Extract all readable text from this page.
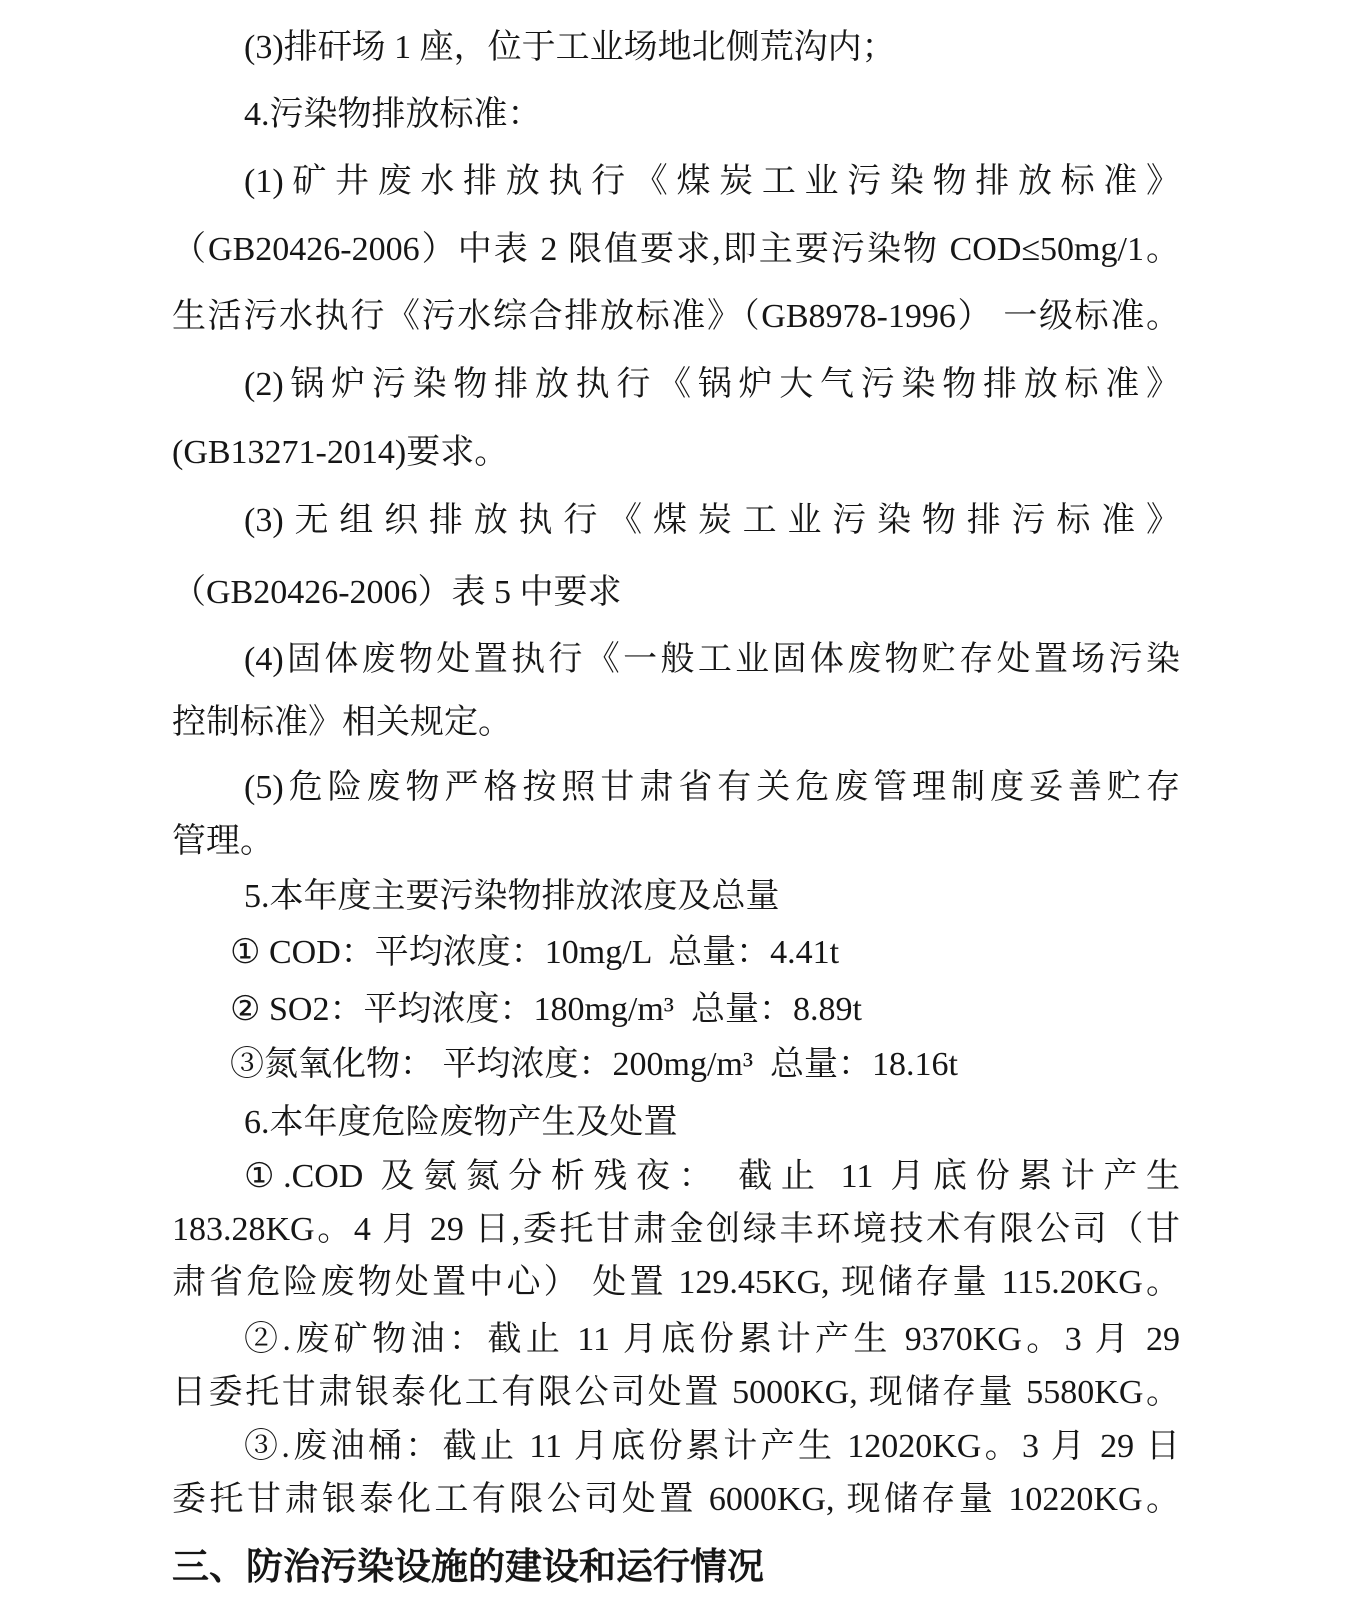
(3)排矸场 1 座，位于工业场地北侧荒沟内；
4.污染物排放标准：
(1)矿井废水排放执行《煤炭工业污染物排放标准》
（GB20426-2006）中表 2 限值要求,即主要污染物 COD≤50mg/1。
生活污水执行《污水综合排放标准》（GB8978-1996） 一级标准。
(2)锅炉污染物排放执行《锅炉大气污染物排放标准》
(GB13271-2014)要求。
(3)无组织排放执行《煤炭工业污染物排污标准》
（GB20426-2006）表 5 中要求
(4)固体废物处置执行《一般工业固体废物贮存处置场污染
控制标准》相关规定。
(5)危险废物严格按照甘肃省有关危废管理制度妥善贮存
管理。
5.本年度主要污染物排放浓度及总量
① COD：平均浓度：10mg/L  总量：4.41t
② SO2：平均浓度：180mg/m³  总量：8.89t
③氮氧化物： 平均浓度：200mg/m³  总量：18.16t
6.本年度危险废物产生及处置
①.COD 及氨氮分析残夜： 截止 11 月底份累计产生
183.28KG。4 月 29 日,委托甘肃金创绿丰环境技术有限公司（甘
肃省危险废物处置中心） 处置 129.45KG, 现储存量 115.20KG。
②.废矿物油：截止 11 月底份累计产生 9370KG。3 月 29
日委托甘肃银泰化工有限公司处置 5000KG, 现储存量 5580KG。
③.废油桶：截止 11 月底份累计产生 12020KG。3 月 29 日
委托甘肃银泰化工有限公司处置 6000KG, 现储存量 10220KG。
三、防治污染设施的建设和运行情况
